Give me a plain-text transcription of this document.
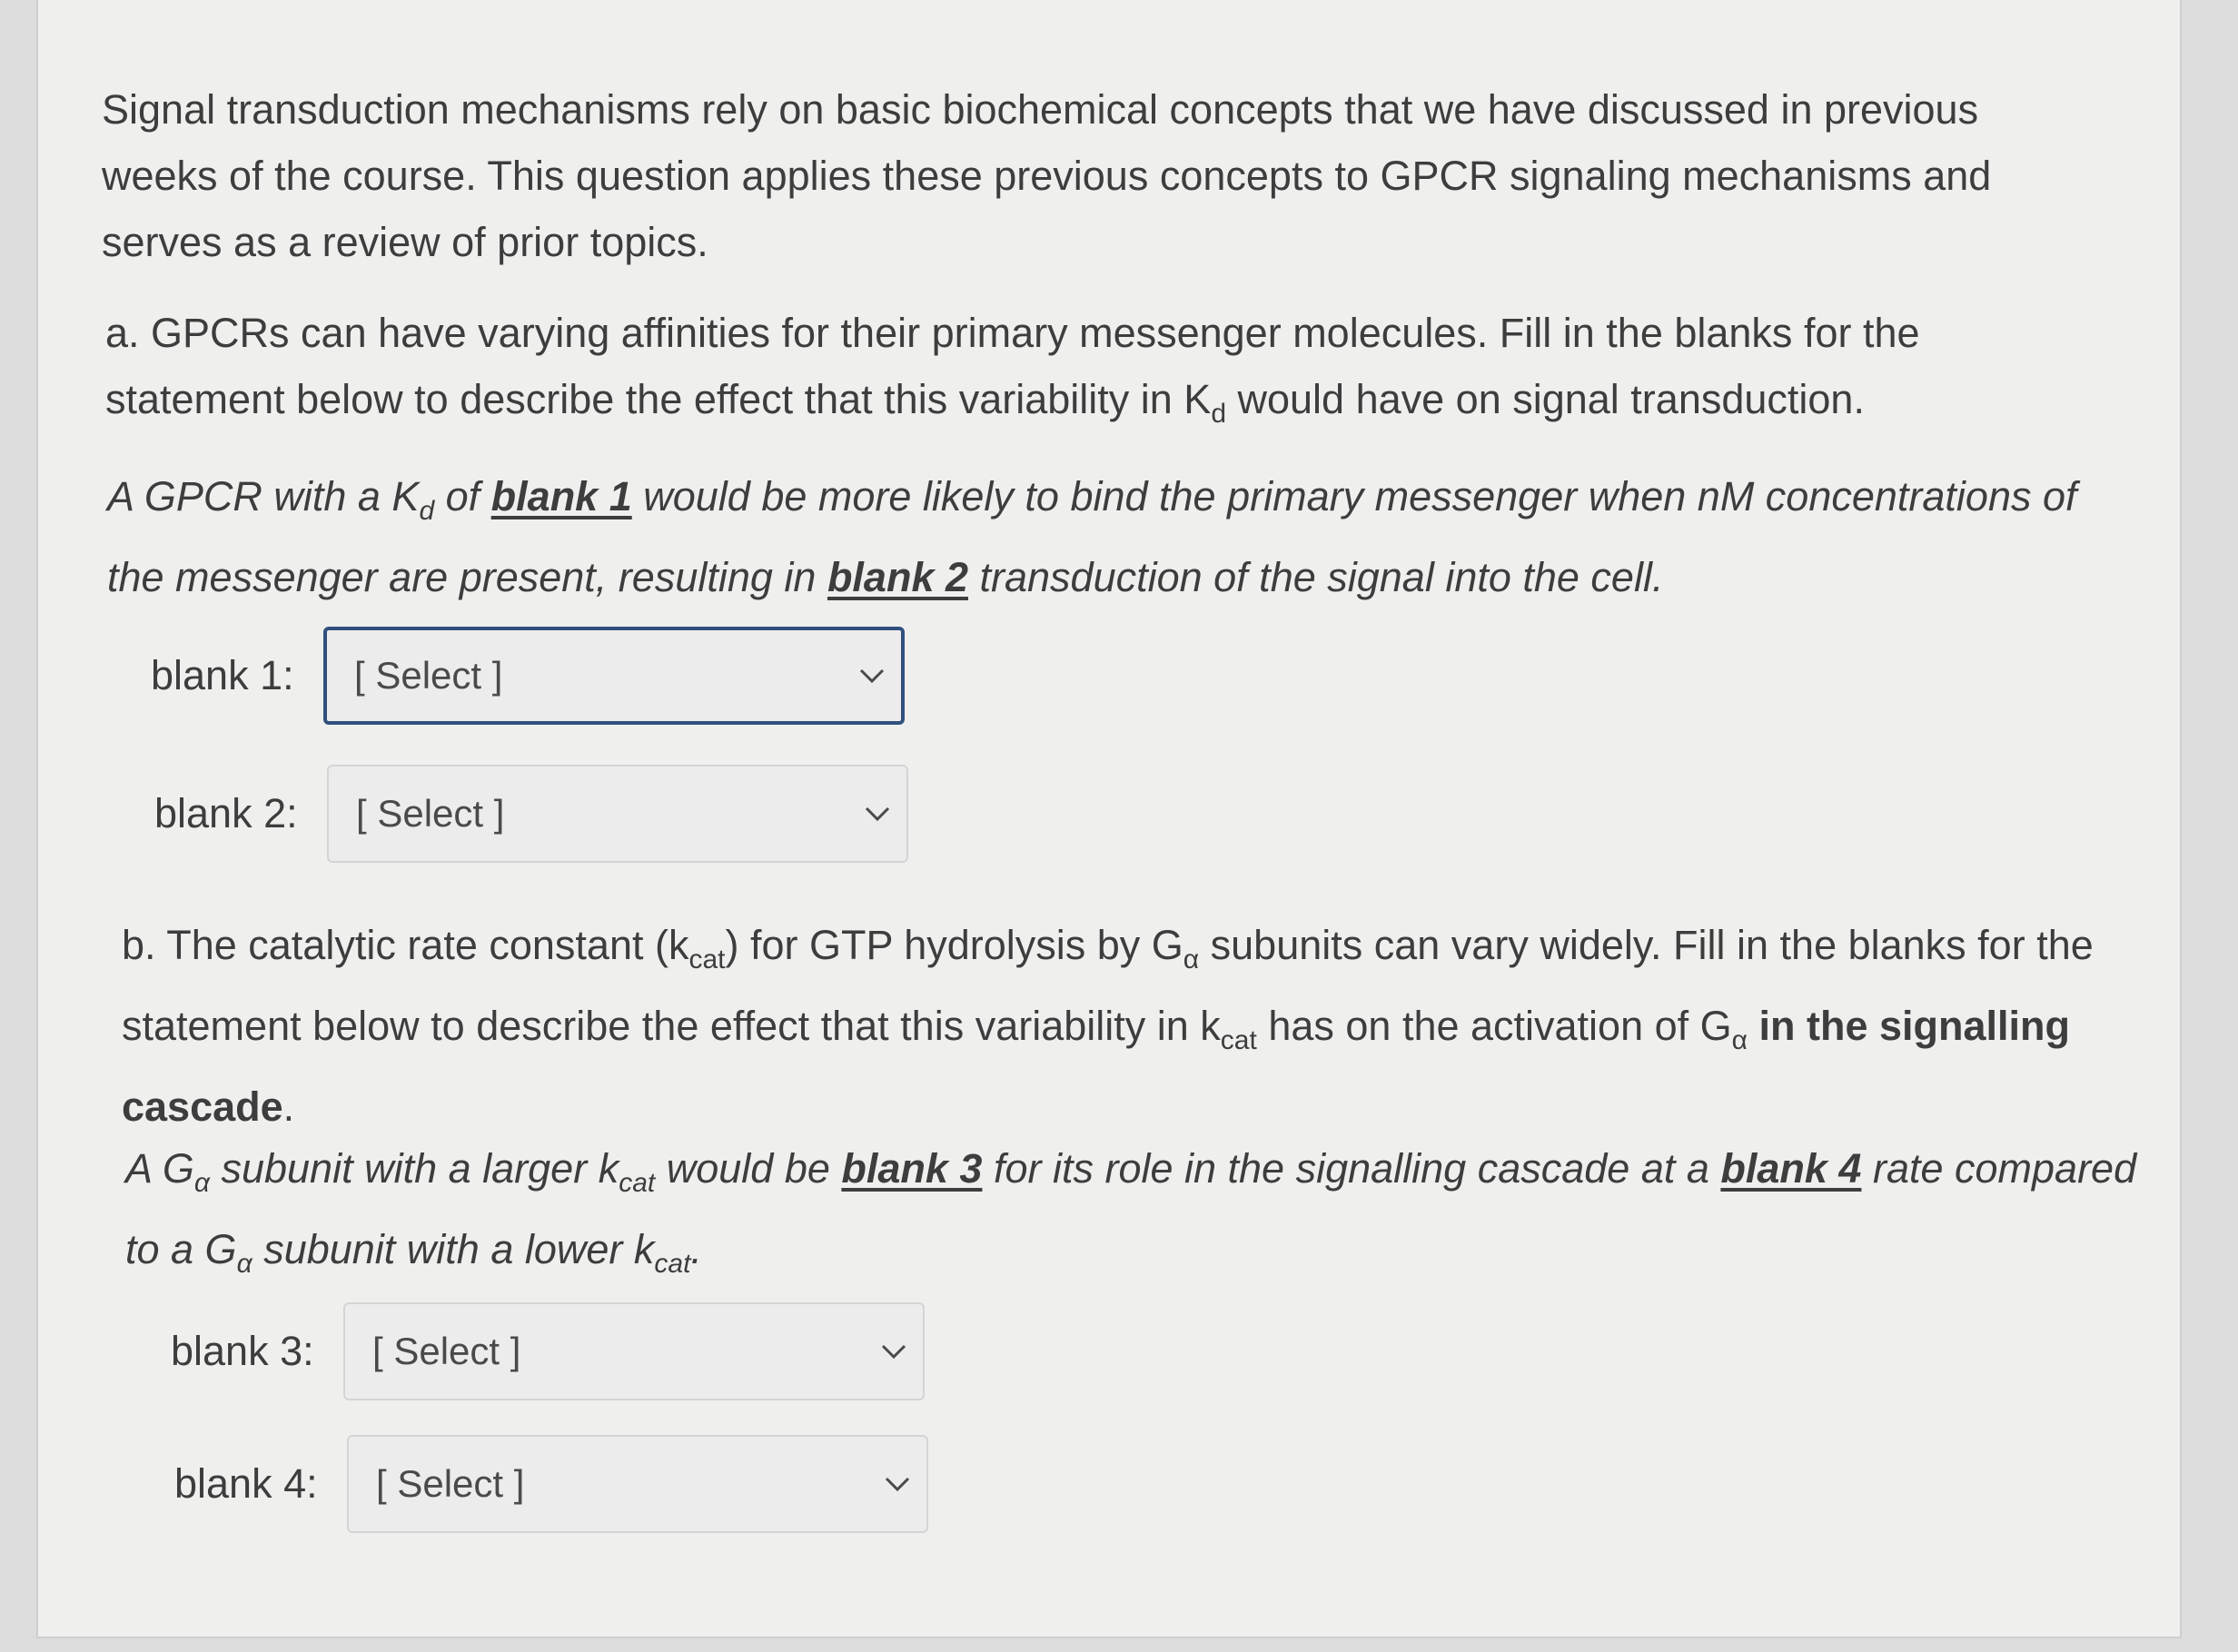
Signal transduction mechanisms rely on basic biochemical concepts that we have discussed in previous weeks of the course. This question applies these previous concepts to GPCR signaling mechanisms and serves as a review of prior topics.

a. GPCRs can have varying affinities for their primary messenger molecules. Fill in the blanks for the statement below to describe the effect that this variability in $K_d$ would have on signal transduction.

A GPCR with a $K_d$ of blank 1 would be more likely to bind the primary messenger when nM concentrations of the messenger are present, resulting in blank 2 transduction of the signal into the cell.

blank 1:	[ Select ]
blank 2:	[ Select ]

b. The catalytic rate constant $(k_{cat})$ for GTP hydrolysis by $G_\alpha$ subunits can vary widely. Fill in the blanks for the statement below to describe the effect that this variability in $k_{cat}$ has on the activation of $G_\alpha$ in the signalling cascade.

A $G_\alpha$ subunit with a larger $k_{cat}$ would be blank 3 for its role in the signalling cascade at a blank 4 rate compared to a $G_\alpha$ subunit with a lower $k_{cat}$.

blank 3:	[ Select ]
blank 4:	[ Select ]
